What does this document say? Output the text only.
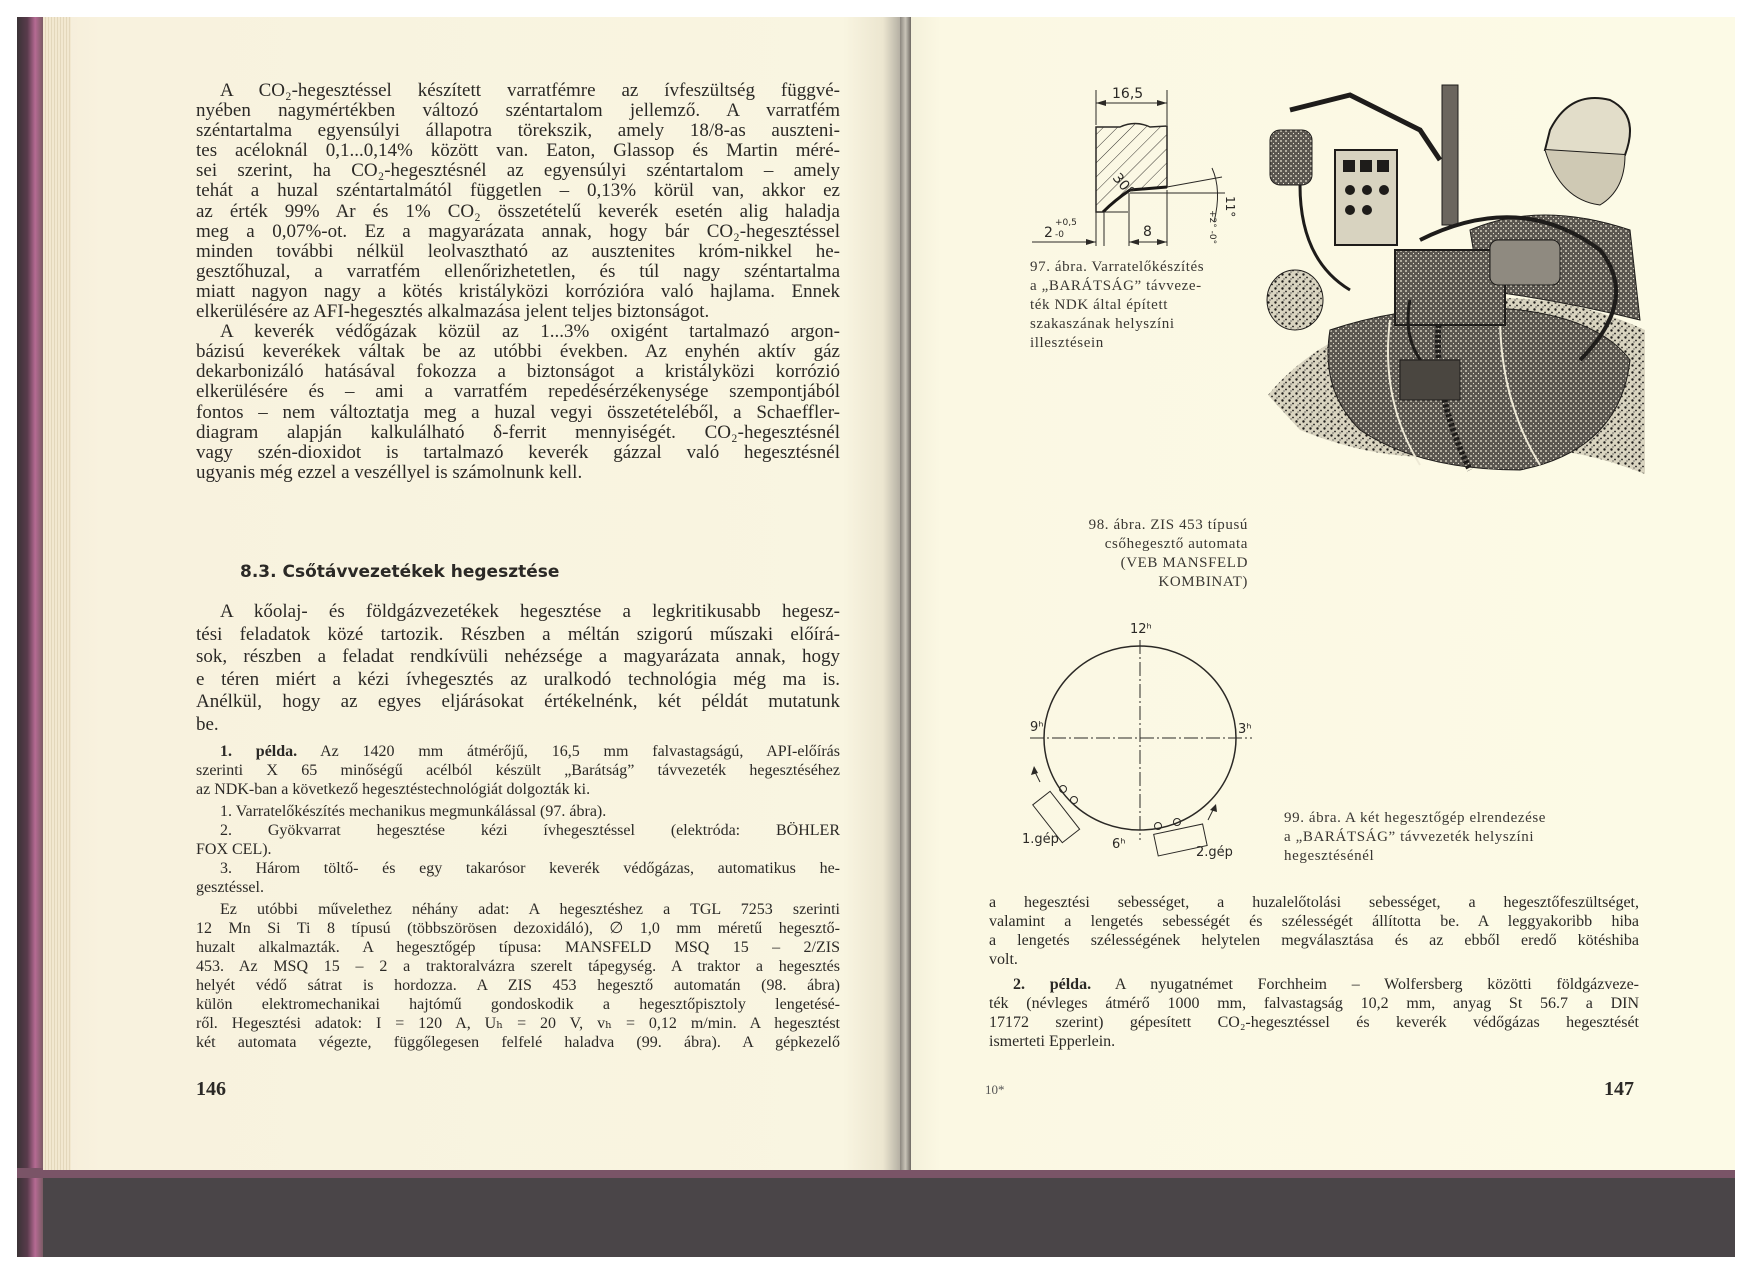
A CO₂-hegesztéssel készített varratfémre az ívfeszültség függvé-
nyében nagymértékben változó széntartalom jellemző. A varratfém
széntartalma egyensúlyi állapotra törekszik, amely 18/8-as auszteni-
tes acéloknál 0,1...0,14% között van. Eaton, Glassop és Martin méré-
sei szerint, ha CO₂-hegesztésnél az egyensúlyi széntartalom – amely
tehát a huzal széntartalmától független – 0,13% körül van, akkor ez
az érték 99% Ar és 1% CO₂ összetételű keverék esetén alig haladja
meg a 0,07%-ot. Ez a magyarázata annak, hogy bár CO₂-hegesztéssel
minden további nélkül leolvasztható az ausztenites króm-nikkel he-
gesztőhuzal, a varratfém ellenőrizhetetlen, és túl nagy széntartalma
miatt nagyon nagy a kötés kristályközi korrózióra való hajlama. Ennek
elkerülésére az AFI-hegesztés alkalmazása jelent teljes biztonságot.
A keverék védőgázak közül az 1...3% oxigént tartalmazó argon-
bázisú keverékek váltak be az utóbbi években. Az enyhén aktív gáz
dekarbonizáló hatásával fokozza a biztonságot a kristályközi korrózió
elkerülésére és – ami a varratfém repedésérzékenysége szempontjából
fontos – nem változtatja meg a huzal vegyi összetételéből, a Schaeffler-
diagram alapján kalkulálható δ-ferrit mennyiségét. CO₂-hegesztésnél
vagy szén-dioxidot is tartalmazó keverék gázzal való hegesztésnél
ugyanis még ezzel a veszéllyel is számolnunk kell.
8.3. Csőtávvezetékek hegesztése
A kőolaj- és földgázvezetékek hegesztése a legkritikusabb hegesz-
tési feladatok közé tartozik. Részben a méltán szigorú műszaki előírá-
sok, részben a feladat rendkívüli nehézsége a magyarázata annak, hogy
e téren miért a kézi ívhegesztés az uralkodó technológia még ma is.
Anélkül, hogy az egyes eljárásokat értékelnénk, két példát mutatunk
be.
1. példa. Az 1420 mm átmérőjű, 16,5 mm falvastagságú, API-előírás
szerinti X 65 minőségű acélból készült „Barátság” távvezeték hegesztéséhez
az NDK-ban a következő hegesztéstechnológiát dolgozták ki.
1. Varratelőkészítés mechanikus megmunkálással (97. ábra).
2. Gyökvarrat hegesztése kézi ívhegesztéssel (elektróda: BÖHLER
FOX CEL).
3. Három töltő- és egy takarósor keverék védőgázas, automatikus he-
gesztéssel.
Ez utóbbi művelethez néhány adat: A hegesztéshez a TGL 7253 szerinti
12 Mn Si Ti 8 típusú (többszörösen dezoxidáló), ∅ 1,0 mm méretű hegesztő-
huzalt alkalmazták. A hegesztőgép típusa: MANSFELD MSQ 15 – 2/ZIS
453. Az MSQ 15 – 2 a traktoralvázra szerelt tápegység. A traktor a hegesztés
helyét védő sátrat is hordozza. A ZIS 453 hegesztő automatán (98. ábra)
külön elektromechanikai hajtómű gondoskodik a hegesztőpisztoly lengetésé-
ről. Hegesztési adatok: I = 120 A, Uₕ = 20 V, vₕ = 0,12 m/min. A hegesztést
két automata végezte, függőlegesen felfelé haladva (99. ábra). A gépkezelő
146
16,5
30°
11°
+2° -0°
2
+0,5
-0	8
12ʰ
9ʰ	3ʰ
6ʰ
1.gép
2.gép
97. ábra. Varratelőkészítés
a „BARÁTSÁG” távveze-
ték NDK által épített
szakaszának helyszíni
illesztésein
98. ábra. ZIS 453 típusú
csőhegesztő automata
(VEB MANSFELD
KOMBINAT)
99. ábra. A két hegesztőgép elrendezése
a „BARÁTSÁG” távvezeték helyszíni
hegesztésénél
a hegesztési sebességet, a huzalelőtolási sebességet, a hegesztőfeszültséget,
valamint a lengetés sebességét és szélességét állította be. A leggyakoribb hiba
a lengetés szélességének helytelen megválasztása és az ebből eredő kötéshiba
volt.
2. példa. A nyugatnémet Forchheim – Wolfersberg közötti földgázveze-
ték (névleges átmérő 1000 mm, falvastagság 10,2 mm, anyag St 56.7 a DIN
17172 szerint) gépesített CO₂-hegesztéssel és keverék védőgázas hegesztését
ismerteti Epperlein.
10*	147
